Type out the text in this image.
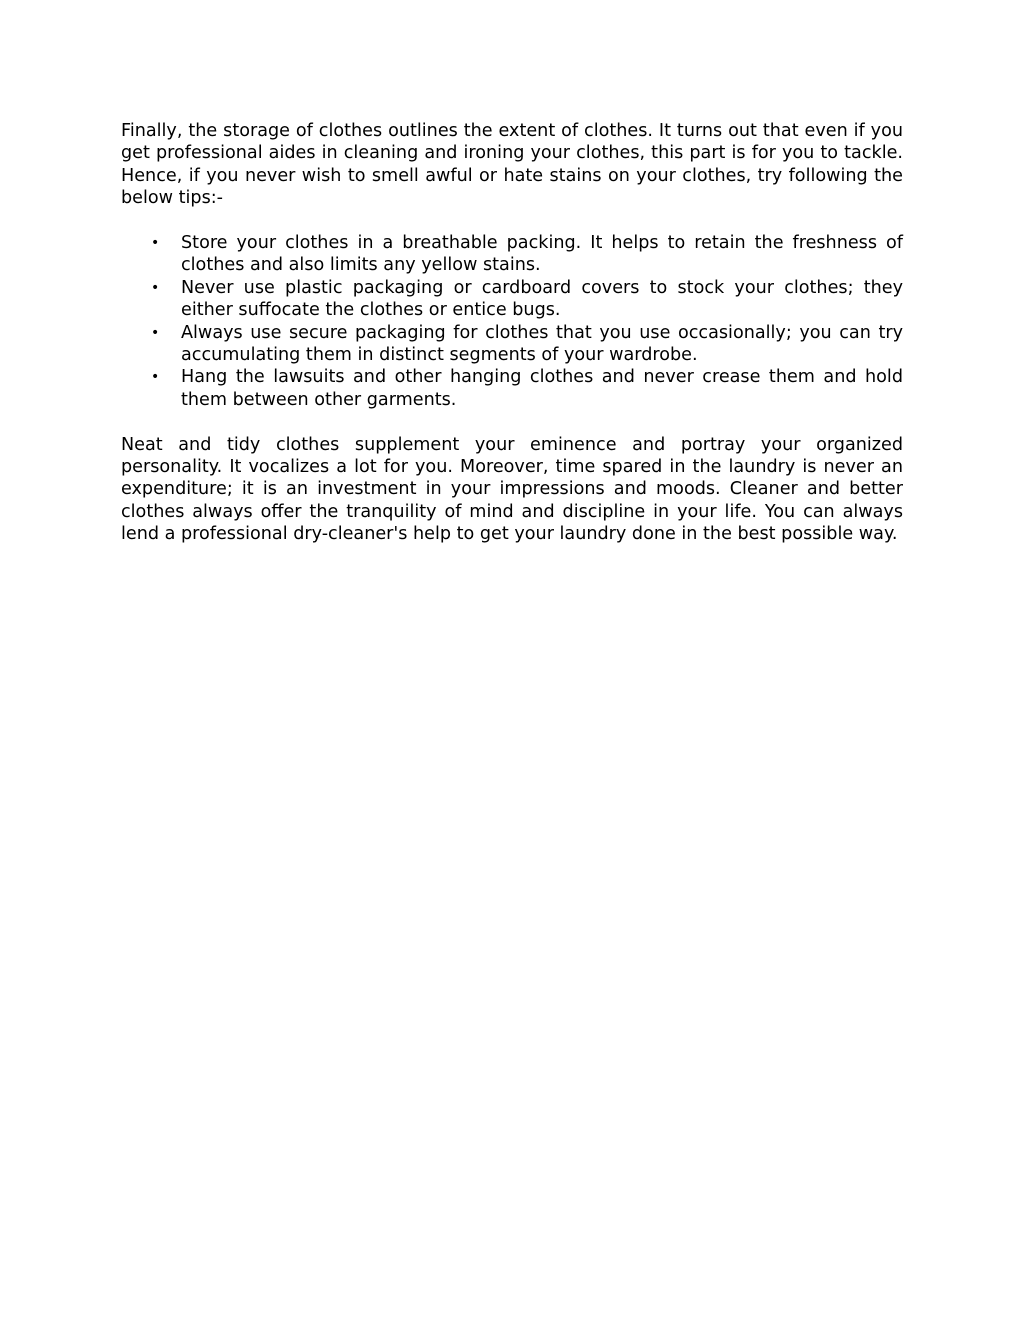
Finally, the storage of clothes outlines the extent of clothes. It turns out that even if you get professional aides in cleaning and ironing your clothes, this part is for you to tackle. Hence, if you never wish to smell awful or hate stains on your clothes, try following the below tips:-

• Store your clothes in a breathable packing. It helps to retain the freshness of clothes and also limits any yellow stains.
• Never use plastic packaging or cardboard covers to stock your clothes; they either suffocate the clothes or entice bugs.
• Always use secure packaging for clothes that you use occasionally; you can try accumulating them in distinct segments of your wardrobe.
• Hang the lawsuits and other hanging clothes and never crease them and hold them between other garments.

Neat and tidy clothes supplement your eminence and portray your organized personality. It vocalizes a lot for you. Moreover, time spared in the laundry is never an expenditure; it is an investment in your impressions and moods. Cleaner and better clothes always offer the tranquility of mind and discipline in your life. You can always lend a professional dry-cleaner's help to get your laundry done in the best possible way.
